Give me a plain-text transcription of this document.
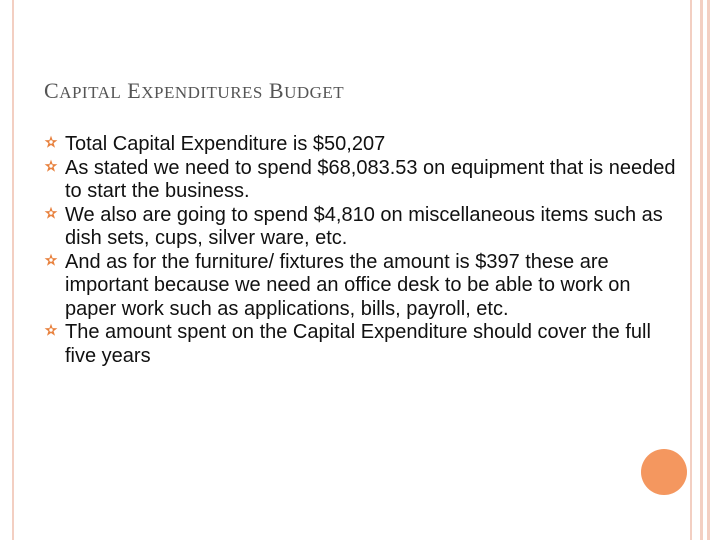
CAPITAL EXPENDITURES BUDGET
Total Capital Expenditure is $50,207
As stated we need to spend $68,083.53 on equipment that is needed to start the business.
We also are going to spend $4,810 on miscellaneous items such as dish sets, cups, silver ware, etc.
And as for the furniture/ fixtures the amount is $397 these are important because we need an office desk to be able to work on paper work such as applications, bills, payroll, etc.
The amount spent on the Capital Expenditure should cover the full five years
